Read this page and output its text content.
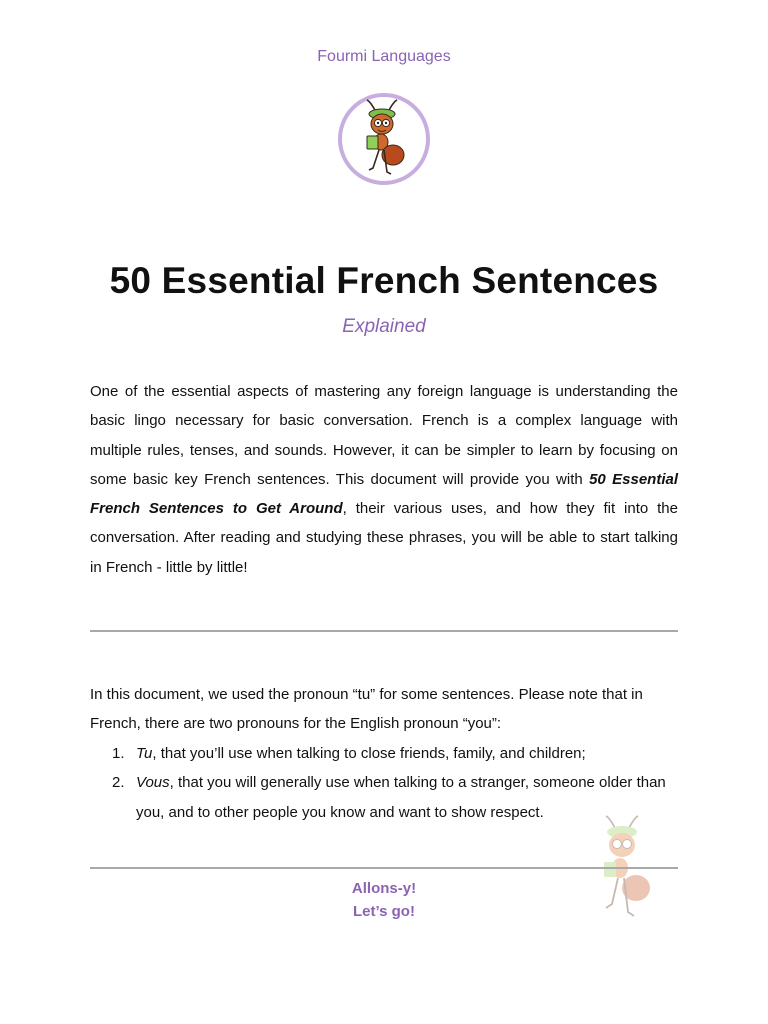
Fourmi Languages
50 Essential French Sentences
Explained

One of the essential aspects of mastering any foreign language is understanding the basic lingo necessary for basic conversation. French is a complex language with multiple rules, tenses, and sounds. However, it can be simpler to learn by focusing on some basic key French sentences. This document will provide you with 50 Essential French Sentences to Get Around, their various uses, and how they fit into the conversation. After reading and studying these phrases, you will be able to start talking in French - little by little!

In this document, we used the pronoun “tu” for some sentences. Please note that in French, there are two pronouns for the English pronoun “you”:

1. Tu, that you’ll use when talking to close friends, family, and children;
2. Vous, that you will generally use when talking to a stranger, someone older than you, and to other people you know and want to show respect.
Allons-y!
Let’s go!
